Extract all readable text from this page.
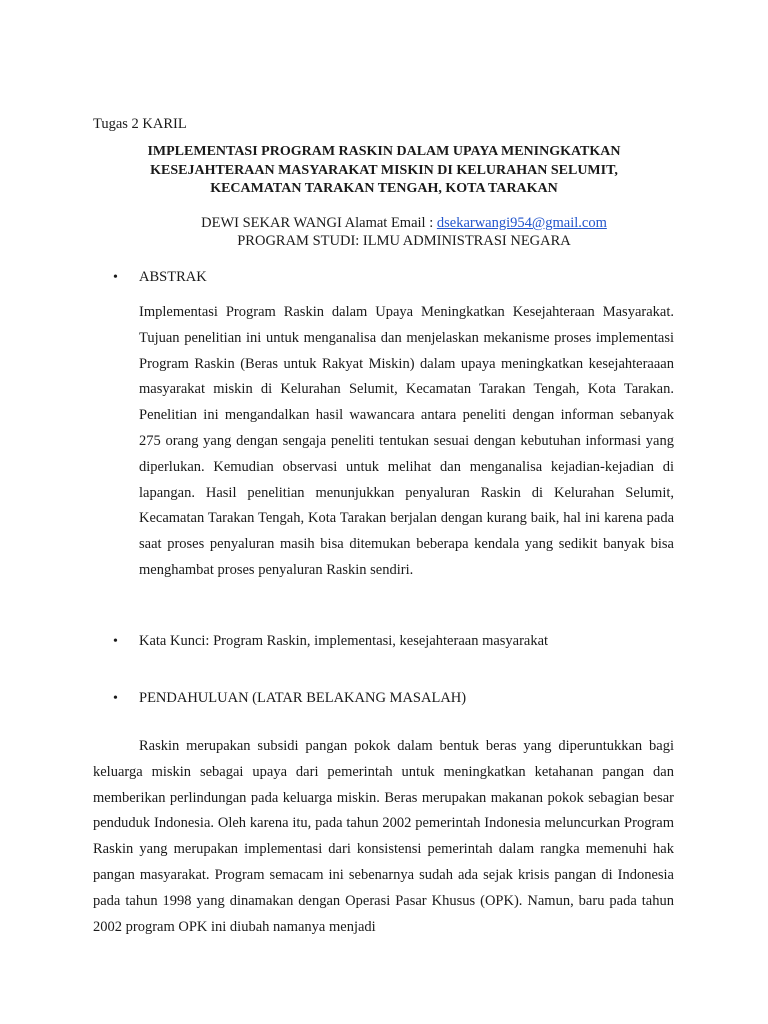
Tugas 2 KARIL
IMPLEMENTASI PROGRAM RASKIN DALAM UPAYA MENINGKATKAN KESEJAHTERAAN MASYARAKAT MISKIN DI KELURAHAN SELUMIT, KECAMATAN TARAKAN TENGAH, KOTA TARAKAN
DEWI SEKAR WANGI Alamat Email : dsekarwangi954@gmail.com
PROGRAM STUDI: ILMU ADMINISTRASI NEGARA
•	ABSTRAK

Implementasi Program Raskin dalam Upaya Meningkatkan Kesejahteraan Masyarakat. Tujuan penelitian ini untuk menganalisa dan menjelaskan mekanisme proses implementasi Program Raskin (Beras untuk Rakyat Miskin) dalam upaya meningkatkan kesejahteraaan masyarakat miskin di Kelurahan Selumit, Kecamatan Tarakan Tengah, Kota Tarakan. Penelitian ini mengandalkan hasil wawancara antara peneliti dengan informan sebanyak 275 orang yang dengan sengaja peneliti tentukan sesuai dengan kebutuhan informasi yang diperlukan. Kemudian observasi untuk melihat dan menganalisa kejadian-kejadian di lapangan. Hasil penelitian menunjukkan penyaluran Raskin di Kelurahan Selumit, Kecamatan Tarakan Tengah, Kota Tarakan berjalan dengan kurang baik, hal ini karena pada saat proses penyaluran masih bisa ditemukan beberapa kendala yang sedikit banyak bisa menghambat proses penyaluran Raskin sendiri.

•	Kata Kunci: Program Raskin, implementasi, kesejahteraan masyarakat
•	PENDAHULUAN (LATAR BELAKANG MASALAH)

Raskin merupakan subsidi pangan pokok dalam bentuk beras yang diperuntukkan bagi keluarga miskin sebagai upaya dari pemerintah untuk meningkatkan ketahanan pangan dan memberikan perlindungan pada keluarga miskin. Beras merupakan makanan pokok sebagian besar penduduk Indonesia. Oleh karena itu, pada tahun 2002 pemerintah Indonesia meluncurkan Program Raskin yang merupakan implementasi dari konsistensi pemerintah dalam rangka memenuhi hak pangan masyarakat. Program semacam ini sebenarnya sudah ada sejak krisis pangan di Indonesia pada tahun 1998 yang dinamakan dengan Operasi Pasar Khusus (OPK). Namun, baru pada tahun 2002 program OPK ini diubah namanya menjadi
